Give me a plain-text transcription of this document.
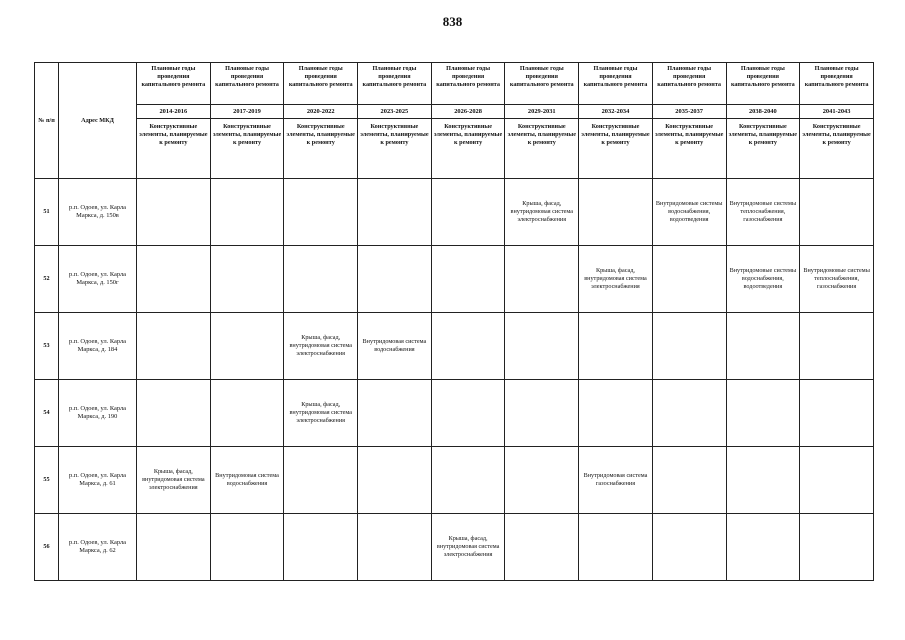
838
№ п/п	Адрес МКД	Плановые годы проведения капитального ремонта	Плановые годы проведения капитального ремонта	Плановые годы проведения капитального ремонта	Плановые годы проведения капитального ремонта	Плановые годы проведения капитального ремонта	Плановые годы проведения капитального ремонта	Плановые годы проведения капитального ремонта	Плановые годы проведения капитального ремонта	Плановые годы проведения капитального ремонта	Плановые годы проведения капитального ремонта
		2014-2016	2017-2019	2020-2022	2023-2025	2026-2028	2029-2031	2032-2034	2035-2037	2038-2040	2041-2043
		Конструктивные элементы, планируемые к ремонту	Конструктивные элементы, планируемые к ремонту	Конструктивные элементы, планируемые к ремонту	Конструктивные элементы, планируемые к ремонту	Конструктивные элементы, планируемые к ремонту	Конструктивные элементы, планируемые к ремонту	Конструктивные элементы, планируемые к ремонту	Конструктивные элементы, планируемые к ремонту	Конструктивные элементы, планируемые к ремонту	Конструктивные элементы, планируемые к ремонту
51	р.п. Одоев, ул. Карла Маркса, д. 150в						Крыша, фасад, внутридомовая система электроснабжения		Внутридомовые системы водоснабжения, водоотведения	Внутридомовые системы теплоснабжения, газоснабжения	
52	р.п. Одоев, ул. Карла Маркса, д. 150г							Крыша, фасад, внутридомовая система электроснабжения		Внутридомовые системы водоснабжения, водоотведения	Внутридомовые системы теплоснабжения, газоснабжения
53	р.п. Одоев, ул. Карла Маркса, д. 184			Крыша, фасад, внутридомовая система электроснабжения	Внутридомовая система водоснабжения						
54	р.п. Одоев, ул. Карла Маркса, д. 190			Крыша, фасад, внутридомовая система электроснабжения							
55	р.п. Одоев, ул. Карла Маркса, д. 61	Крыша, фасад, внутридомовая система электроснабжения	Внутридомовая система водоснабжения					Внутридомовая система газоснабжения			
56	р.п. Одоев, ул. Карла Маркса, д. 62					Крыша, фасад, внутридомовая система электроснабжения					
